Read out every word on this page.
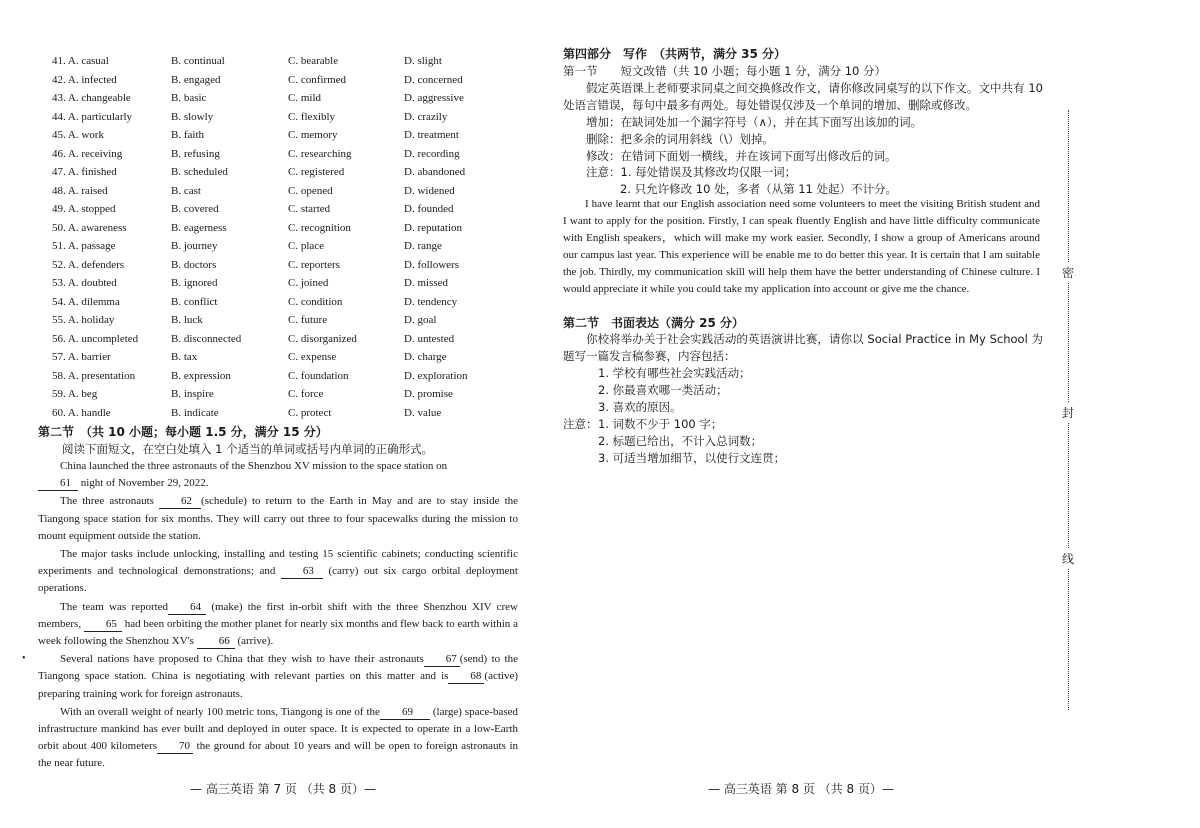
41. A. casual	B. continual	C. bearable	D. slight
42. A. infected	B. engaged	C. confirmed	D. concerned
43. A. changeable	B. basic	C. mild	D. aggressive
44. A. particularly	B. slowly	C. flexibly	D. crazily
45. A. work	B. faith	C. memory	D. treatment
46. A. receiving	B. refusing	C. researching	D. recording
47. A. finished	B. scheduled	C. registered	D. abandoned
48. A. raised	B. cast	C. opened	D. widened
49. A. stopped	B. covered	C. started	D. founded
50. A. awareness	B. eagerness	C. recognition	D. reputation
51. A. passage	B. journey	C. place	D. range
52. A. defenders	B. doctors	C. reporters	D. followers
53. A. doubted	B. ignored	C. joined	D. missed
54. A. dilemma	B. conflict	C. condition	D. tendency
55. A. holiday	B. luck	C. future	D. goal
56. A. uncompleted	B. disconnected	C. disorganized	D. untested
57. A. barrier	B. tax	C. expense	D. charge
58. A. presentation	B. expression	C. foundation	D. exploration
59. A. beg	B. inspire	C. force	D. promise
60. A. handle	B. indicate	C. protect	D. value
第二节　（共 10 小题；每小题 1.5 分，满分 15 分）
阅读下面短文，在空白处填入 1 个适当的单词或括号内单词的正确形式。

China launched the three astronauts of the Shenzhou XV mission to the space station on
61 night of November 29, 2022.

The three astronauts 62 (schedule) to return to the Earth in May and are to stay inside the Tiangong space station for six months. They will carry out three to four spacewalks during the mission to mount equipment outside the station.

The major tasks include unlocking, installing and testing 15 scientific cabinets; conducting scientific experiments and technological demonstrations; and 63 (carry) out six cargo orbital deployment operations.

The team was reported 64 (make) the first in-orbit shift with the three Shenzhou XIV crew members, 65 had been orbiting the mother planet for nearly six months and flew back to earth within a week following the Shenzhou XV's 66 (arrive).

Several nations have proposed to China that they wish to have their astronauts 67 (send) to the Tiangong space station. China is negotiating with relevant parties on this matter and is 68 (active) preparing training work for foreign astronauts.

With an overall weight of nearly 100 metric tons, Tiangong is one of the 69 (large) space-based infrastructure mankind has ever built and deployed in outer space. It is expected to operate in a low-Earth orbit about 400 kilometers 70 the ground for about 10 years and will be open to foreign astronauts in the near future.

•
第四部分　写作　（共两节，满分 35 分）
第一节　　短文改错（共 10 小题；每小题 1 分，满分 10 分）

假定英语课上老师要求同桌之间交换修改作文，请你修改同桌写的以下作文。文中共有 10 处语言错误，每句中最多有两处。每处错误仅涉及一个单词的增加、删除或修改。

增加：在缺词处加一个漏字符号（∧），并在其下面写出该加的词。
删除：把多余的词用斜线（\）划掉。
修改：在错词下面划一横线，并在该词下面写出修改后的词。
注意：1. 每处错误及其修改均仅限一词；
2. 只允许修改 10 处，多者（从第 11 处起）不计分。

I have learnt that our English association need some volunteers to meet the visiting British student and I want to apply for the position. Firstly, I can speak fluently English and have little difficulty communicate with English speakers，which will make my work easier. Secondly, I show a group of Americans around our campus last year. This experience will be enable me to do better this year. It is certain that I am suitable the job. Thirdly, my communication skill will help them have the better understanding of Chinese culture. I would appreciate it while you could take my application into account or give me the chance.

第二节　书面表达（满分 25 分）

你校将举办关于社会实践活动的英语演讲比赛，请你以 Social Practice in My School 为题写一篇发言稿参赛，内容包括：

1. 学校有哪些社会实践活动；
2. 你最喜欢哪一类活动；
3. 喜欢的原因。
注意： 1. 词数不少于 100 字；
2. 标题已给出，不计入总词数；
3. 可适当增加细节，以使行文连贯；
密
封
线
— 高三英语 第 7 页 （共 8 页）—	— 高三英语 第 8 页 （共 8 页）—
